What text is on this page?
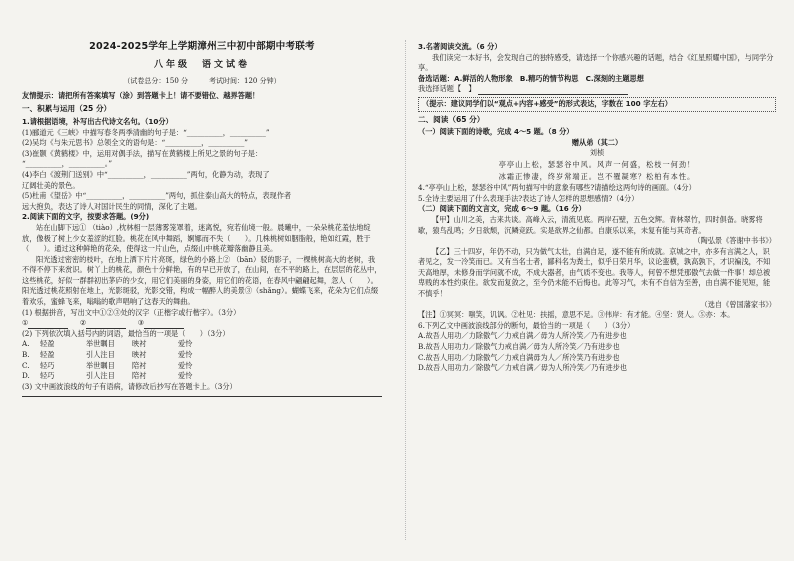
2024-2025学年上学期漳州三中初中部期中考联考
八年级　语文试卷
（试卷总分：150 分　　　考试时间：120 分钟）
友情提示：请把所有答案填写（涂）到答题卡上！请不要错位、越界答题！
一、积累与运用（25 分）
1.请根据语境，补写出古代诗文名句。（10分）
(1)郦道元《三峡》中描写春冬两季清幽的句子是：“__________，__________”
(2)吴均《与朱元思书》总领全文的语句是：“__________，__________”
(3)崔颢《黄鹤楼》中，运用对偶手法，描写在黄鹤楼上所见之景的句子是：
“__________，__________。”
(4)李白《渡荆门送别》中“__________，__________”两句，化静为动，表现了
辽阔壮美的景色。
(5)杜甫《望岳》中“__________，__________”两句，抓住泰山高大的特点，表现作者
远大抱负，表达了诗人对国计民生的同情，深化了主题。
2.阅读下面的文字，按要求答题。(9分)
站在山脚下远① （tiào）,枕林相一层薄雾笼罩着，迷离悦，宛若仙境一般。晨曦中，一朵朵桃花羞怯地绽放，像极了树上少女羞涩的红脸。桃花在风中舞蹈，婀娜而不失（　　）。几株桃树如胭脂般，艳如红霞，胜于（　　）。通过这种鲜艳的花朵，使得这一片山色，点缀山中桃花瓣落幽静且美。
阳光透过密密的枝叶，在地上洒下片片亮斑，绿色的小路上② （bān）驳的影子，一棵桃树高大的老树，我不得不停下来赏识。树丫上的桃花，颜色十分鲜艳，有的早已开放了，在山间，在不平的路上，在层层的花丛中，这些桃花，好似一群群初出茅庐的少女，用它们美丽的身姿，用它们的花语，在春风中翩翩起舞，忽人（　　）。阳光透过桃花照射在地上，光影斑驳，光影交错，构成一幅醉人的美景③（shǎng）。蝴蝶飞来，花朵为它们点缀着欢乐，蜜蜂飞来，嗡嗡的歌声唱响了这春天的舞曲。
(1) 根据拼音，写出文中①②③处的汉字（正楷字或行楷字）。（3分）
①	②	③
(2) 下列依次填入括号内的词语，最恰当的一项是（　　）（3分）
A.	轻盈	举世瞩目	映衬	爱怜
B.	轻盈	引人注目	映衬	爱怜
C.	轻巧	举世瞩目	陪衬	爱怜
D.	轻巧	引人注目	陪衬	爱怜
(3) 文中画波浪线的句子有语病，请修改后抄写在答题卡上。（3分）
3.名著阅读交流。（6 分）
我们读完一本好书，会发现自己的独特感受，请选择一个你感兴趣的话题，结合《红星照耀中国》，与同学分享。
备选话题：A.鲜活的人物形象　B.精巧的情节构思　C.深刻的主题思想
我选择话题【　】
（提示：建议同学们以“观点+内容+感受”的形式表达，字数在 100 字左右）
二、阅读（65 分）
（一）阅读下面的诗歌，完成 4～5 题。（8 分）
赠从弟（其二）
刘桢
亭亭山上松，瑟瑟谷中风。风声一何盛，松枝一何劲！
冰霜正惨凄，终岁常端正。岂不罹凝寒？松柏有本性。
4.“亭亭山上松，瑟瑟谷中风”两句描写中的意象有哪些?请描绘这两句诗的画面。（4分）
5.全诗主要运用了什么表现手法?表达了诗人怎样的思想感情?（4分）
（二）阅读下面的文言文，完成 6～9 题。（16 分）
【甲】山川之美，古来共谈。高峰入云，清流见底。两岸石壁，五色交辉。青林翠竹，四时俱备。晓雾将歇，猿鸟乱鸣；夕日欲颓，沉鳞竞跃。实是欲界之仙都。自康乐以来，未复有能与其奇者。
（陶弘景《答谢中书书》）
【乙】三十四岁，年仍不动，只为做气太壮，自满自足，遂不能有所成就。京城之中，亦多有言满之人，识者见之，发一冷笑而已。又有当名士者，鄙科名为粪土，似乎日荣月华，议论蛮横，孰高孰下，才识褊浅，不知天高地厚，未修身而学问就不成，不成大器者，由气质不变也。我等人，何曾不想凭那傲气去做一件事！却总被卑贱的本性约束住。欲发而复敛之，至今仍未能不后悔也。此等习气，未有不自信为至善，由自满不能见短，能不慎乎！
（选自《曾国藩家书》）
【注】①冥冥：嗤笑，讥讽。②杜见：扶摇，意思不足。③伟岸：有才能。④坚：贤人。⑤亦：本。
6.下列乙文中画波浪线部分的断句，最恰当的一项是（　　）（3分）
A.故吾人用功／力除傲气／力戒自满／毋为人所冷笑／乃有进步也
B.故吾人用功力／除傲气力戒自满／毋为人所冷笑／乃有进步也
C.故吾人用功／力除傲气／力戒自满毋为人／所冷笑乃有进步也
D.故吾人用功力／除傲气／力戒自满／毋为人所冷笑／乃有进步也
